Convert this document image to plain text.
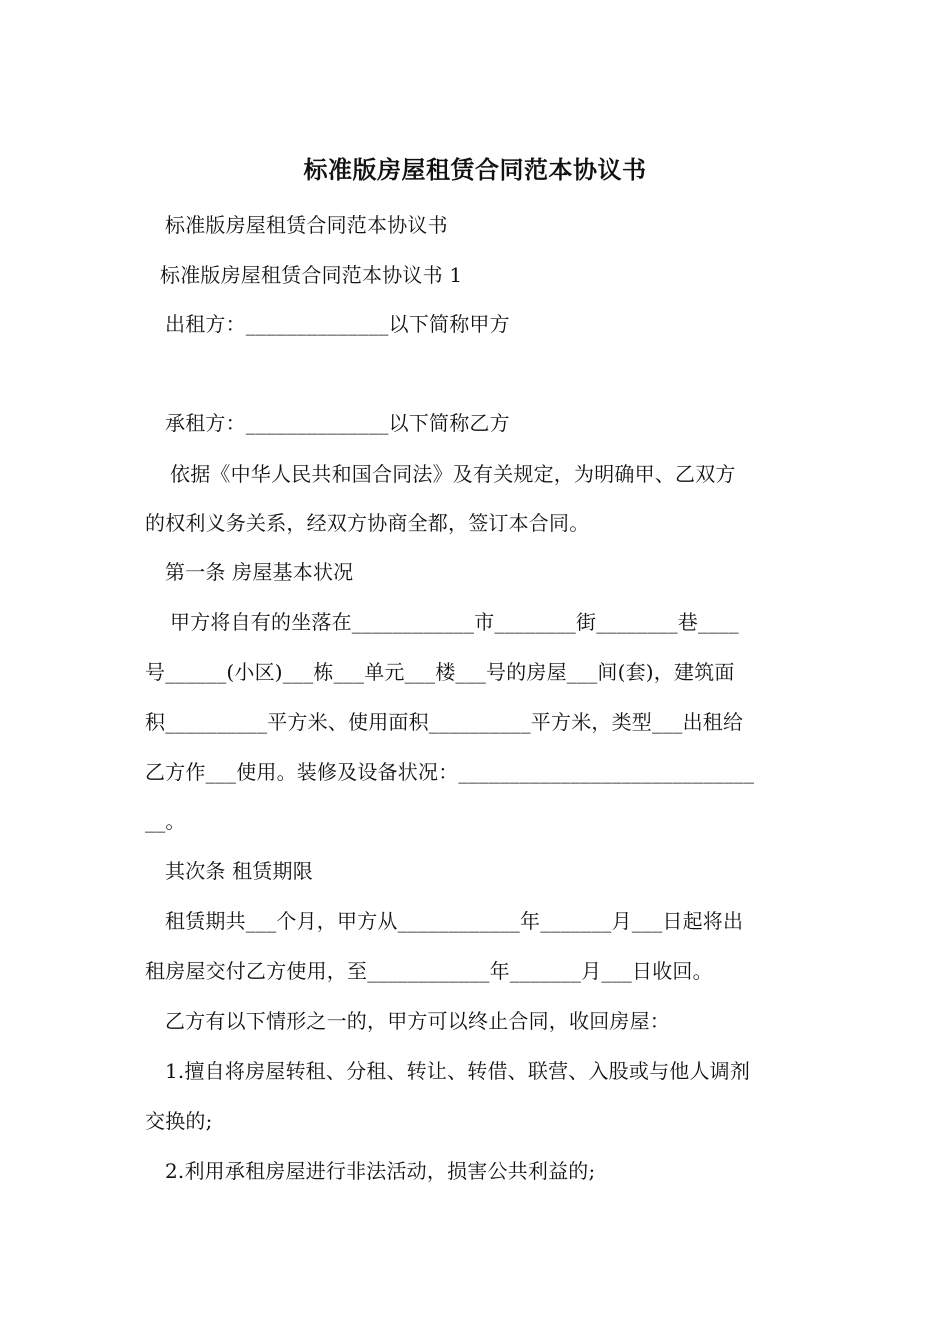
标准版房屋租赁合同范本协议书
标准版房屋租赁合同范本协议书
标准版房屋租赁合同范本协议书 1
出租方：______________以下简称甲方
承租方：______________以下简称乙方
依据《中华人民共和国合同法》及有关规定，为明确甲、乙双方
的权利义务关系，经双方协商全都，签订本合同。
第一条 房屋基本状况
甲方将自有的坐落在____________市________街________巷____
号______(小区)___栋___单元___楼___号的房屋___间(套)，建筑面
积__________平方米、使用面积__________平方米，类型___出租给
乙方作___使用。装修及设备状况：_____________________________
__。
其次条 租赁期限
租赁期共___个月，甲方从____________年_______月___日起将出
租房屋交付乙方使用，至____________年_______月___日收回。
乙方有以下情形之一的，甲方可以终止合同，收回房屋：
1.擅自将房屋转租、分租、转让、转借、联营、入股或与他人调剂
交换的;
2.利用承租房屋进行非法活动，损害公共利益的;
